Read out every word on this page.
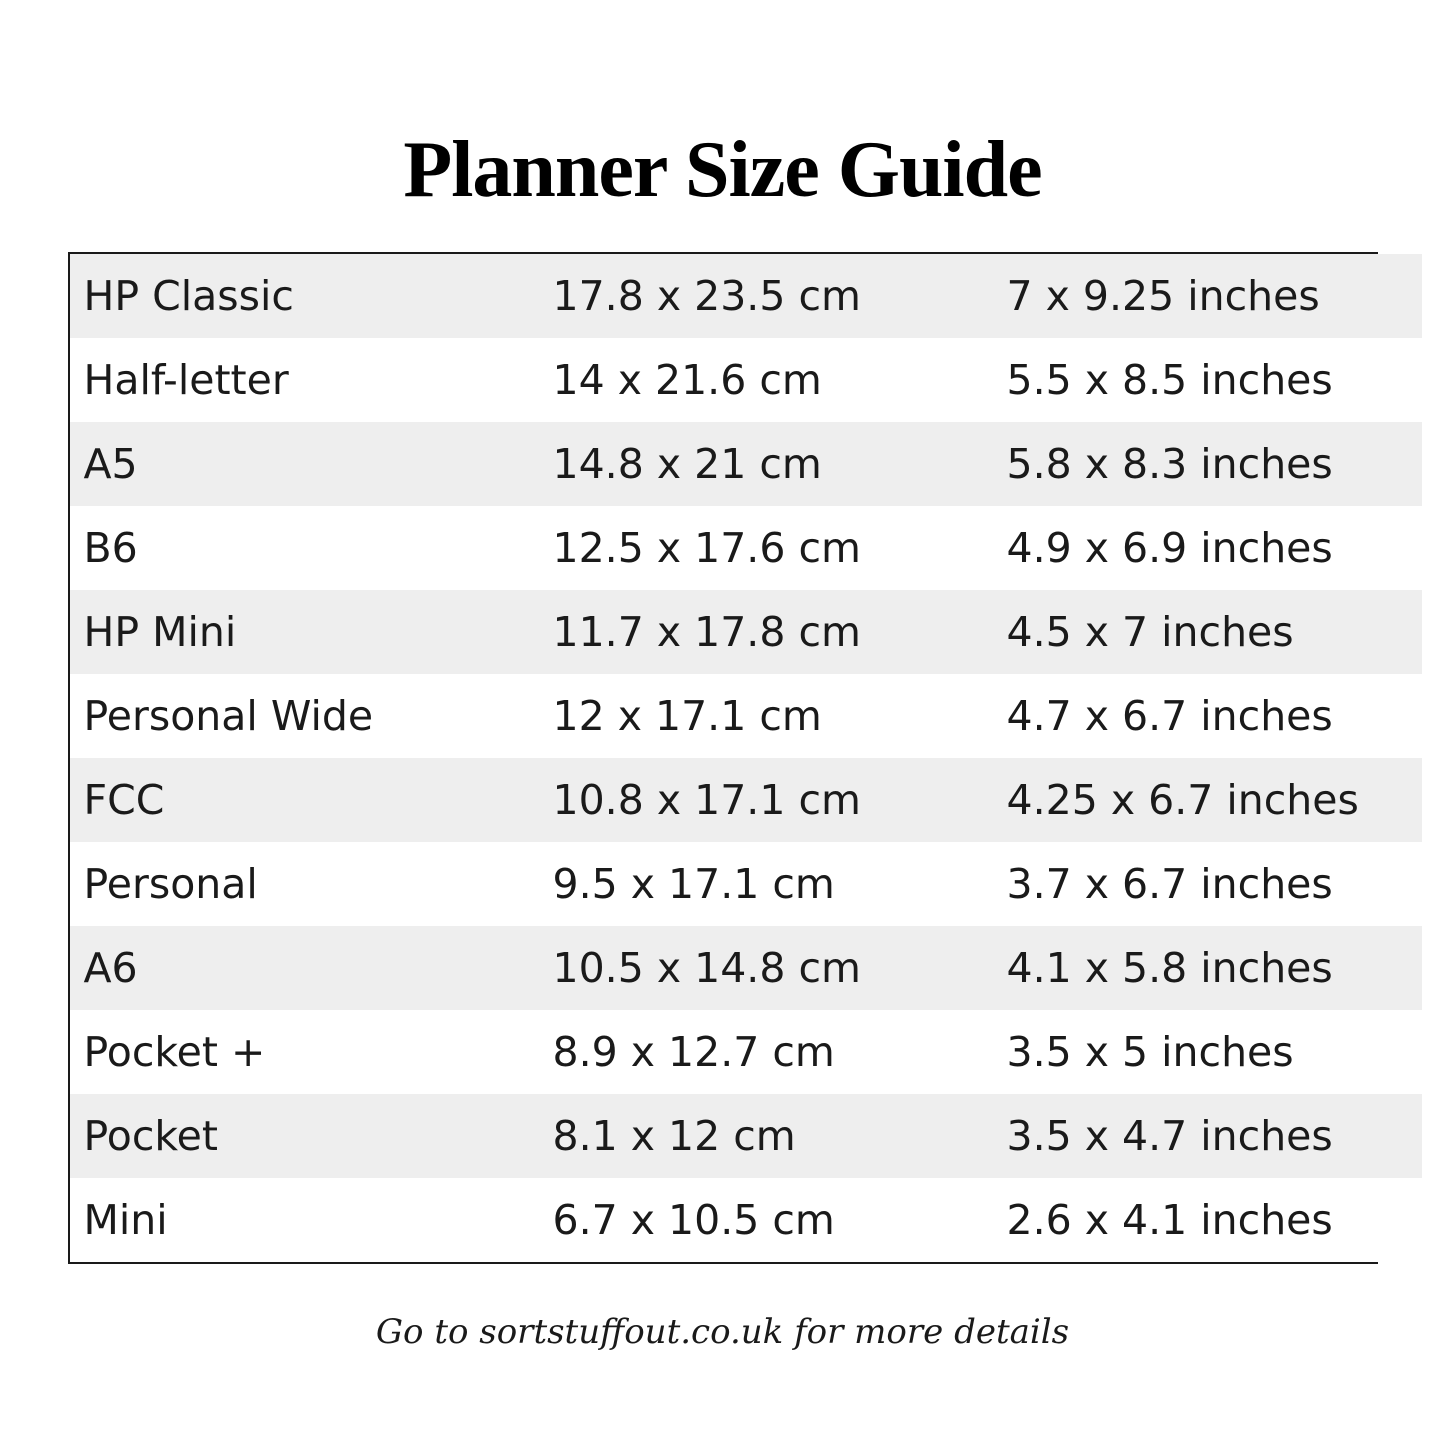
Planner Size Guide
HP Classic	17.8 x 23.5 cm	7 x 9.25 inches
Half-letter	14 x 21.6 cm	5.5 x 8.5 inches
A5	14.8 x 21 cm	5.8 x 8.3 inches
B6	12.5 x 17.6 cm	4.9 x 6.9 inches
HP Mini	11.7 x 17.8 cm	4.5 x 7 inches
Personal Wide	12 x 17.1 cm	4.7 x 6.7 inches
FCC	10.8 x 17.1 cm	4.25 x 6.7 inches
Personal	9.5 x 17.1 cm	3.7 x 6.7 inches
A6	10.5 x 14.8 cm	4.1 x 5.8 inches
Pocket +	8.9 x 12.7 cm	3.5 x 5 inches
Pocket	8.1 x 12 cm	3.5 x 4.7 inches
Mini	6.7 x 10.5 cm	2.6 x 4.1 inches
Go to sortstuffout.co.uk for more details
